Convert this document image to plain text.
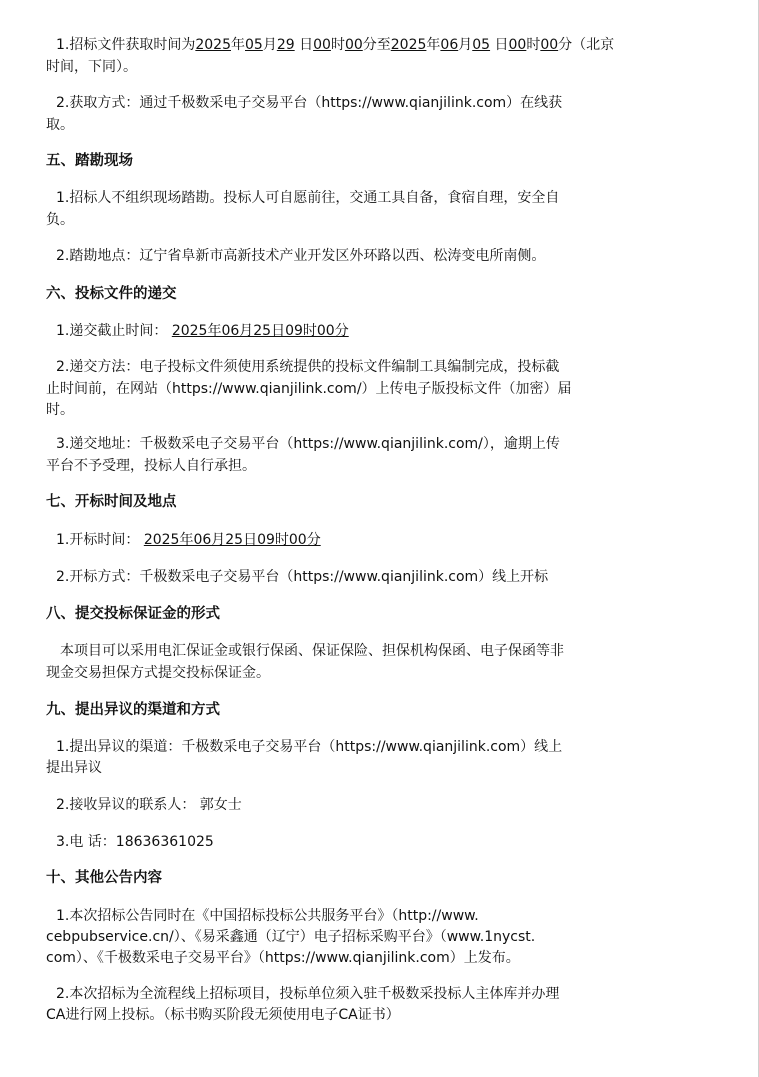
1.招标文件获取时间为2025年05月29 日00时00分至2025年06月05 日00时00分（北京
时间，下同）。
2.获取方式：通过千极数采电子交易平台（https://www.qianjilink.com）在线获
取。
五、踏勘现场
1.招标人不组织现场踏勘。投标人可自愿前往，交通工具自备，食宿自理，安全自
负。
2.踏勘地点：辽宁省阜新市高新技术产业开发区外环路以西、松涛变电所南侧。
六、投标文件的递交
1.递交截止时间： 2025年06月25日09时00分
2.递交方法：电子投标文件须使用系统提供的投标文件编制工具编制完成，投标截
止时间前，在网站（https://www.qianjilink.com/）上传电子版投标文件（加密）届
时。
3.递交地址：千极数采电子交易平台（https://www.qianjilink.com/），逾期上传
平台不予受理，投标人自行承担。
七、开标时间及地点
1.开标时间： 2025年06月25日09时00分
2.开标方式：千极数采电子交易平台（https://www.qianjilink.com）线上开标
八、提交投标保证金的形式
本项目可以采用电汇保证金或银行保函、保证保险、担保机构保函、电子保函等非
现金交易担保方式提交投标保证金。
九、提出异议的渠道和方式
1.提出异议的渠道：千极数采电子交易平台（https://www.qianjilink.com）线上
提出异议
2.接收异议的联系人： 郭女士
3.电 话：18636361025
十、其他公告内容
1.本次招标公告同时在《中国招标投标公共服务平台》（http://www.
cebpubservice.cn/）、《易采鑫通（辽宁）电子招标采购平台》（www.1nycst.
com）、《千极数采电子交易平台》（https://www.qianjilink.com）上发布。
2.本次招标为全流程线上招标项目，投标单位须入驻千极数采投标人主体库并办理
CA进行网上投标。（标书购买阶段无须使用电子CA证书）
